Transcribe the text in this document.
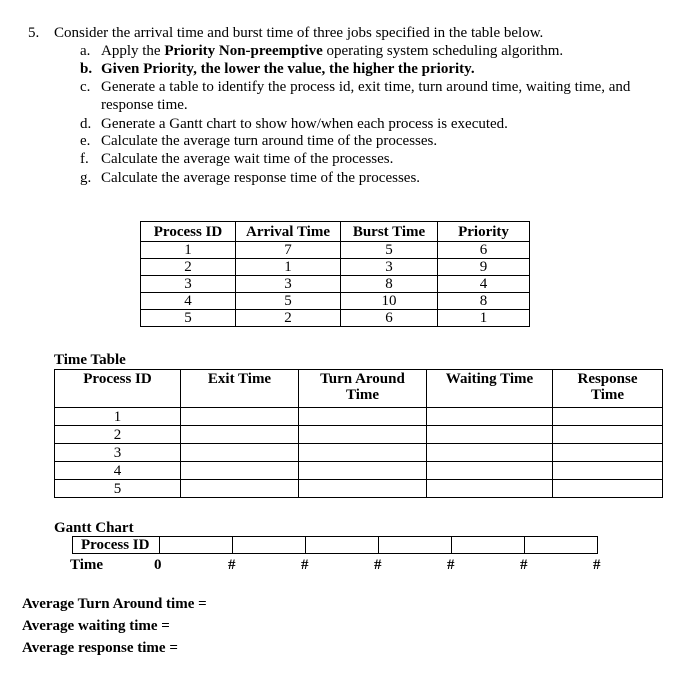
5. Consider the arrival time and burst time of three jobs specified in the table below.
a. Apply the Priority Non-preemptive operating system scheduling algorithm.
b. Given Priority, the lower the value, the higher the priority.
c. Generate a table to identify the process id, exit time, turn around time, waiting time, and
response time.
d. Generate a Gantt chart to show how/when each process is executed.
e. Calculate the average turn around time of the processes.
f. Calculate the average wait time of the processes.
g. Calculate the average response time of the processes.
Process ID	Arrival Time	Burst Time	Priority
1	7	5	6
2	1	3	9
3	3	8	4
4	5	10	8
5	2	6	1
Time Table
Process ID	Exit Time	Turn Around Time	Waiting Time	Response Time
1				
2				
3				
4				
5				
Gantt Chart
Process ID
Time	0	#	#	#	#	#	#
Average Turn Around time =
Average waiting time =
Average response time =
